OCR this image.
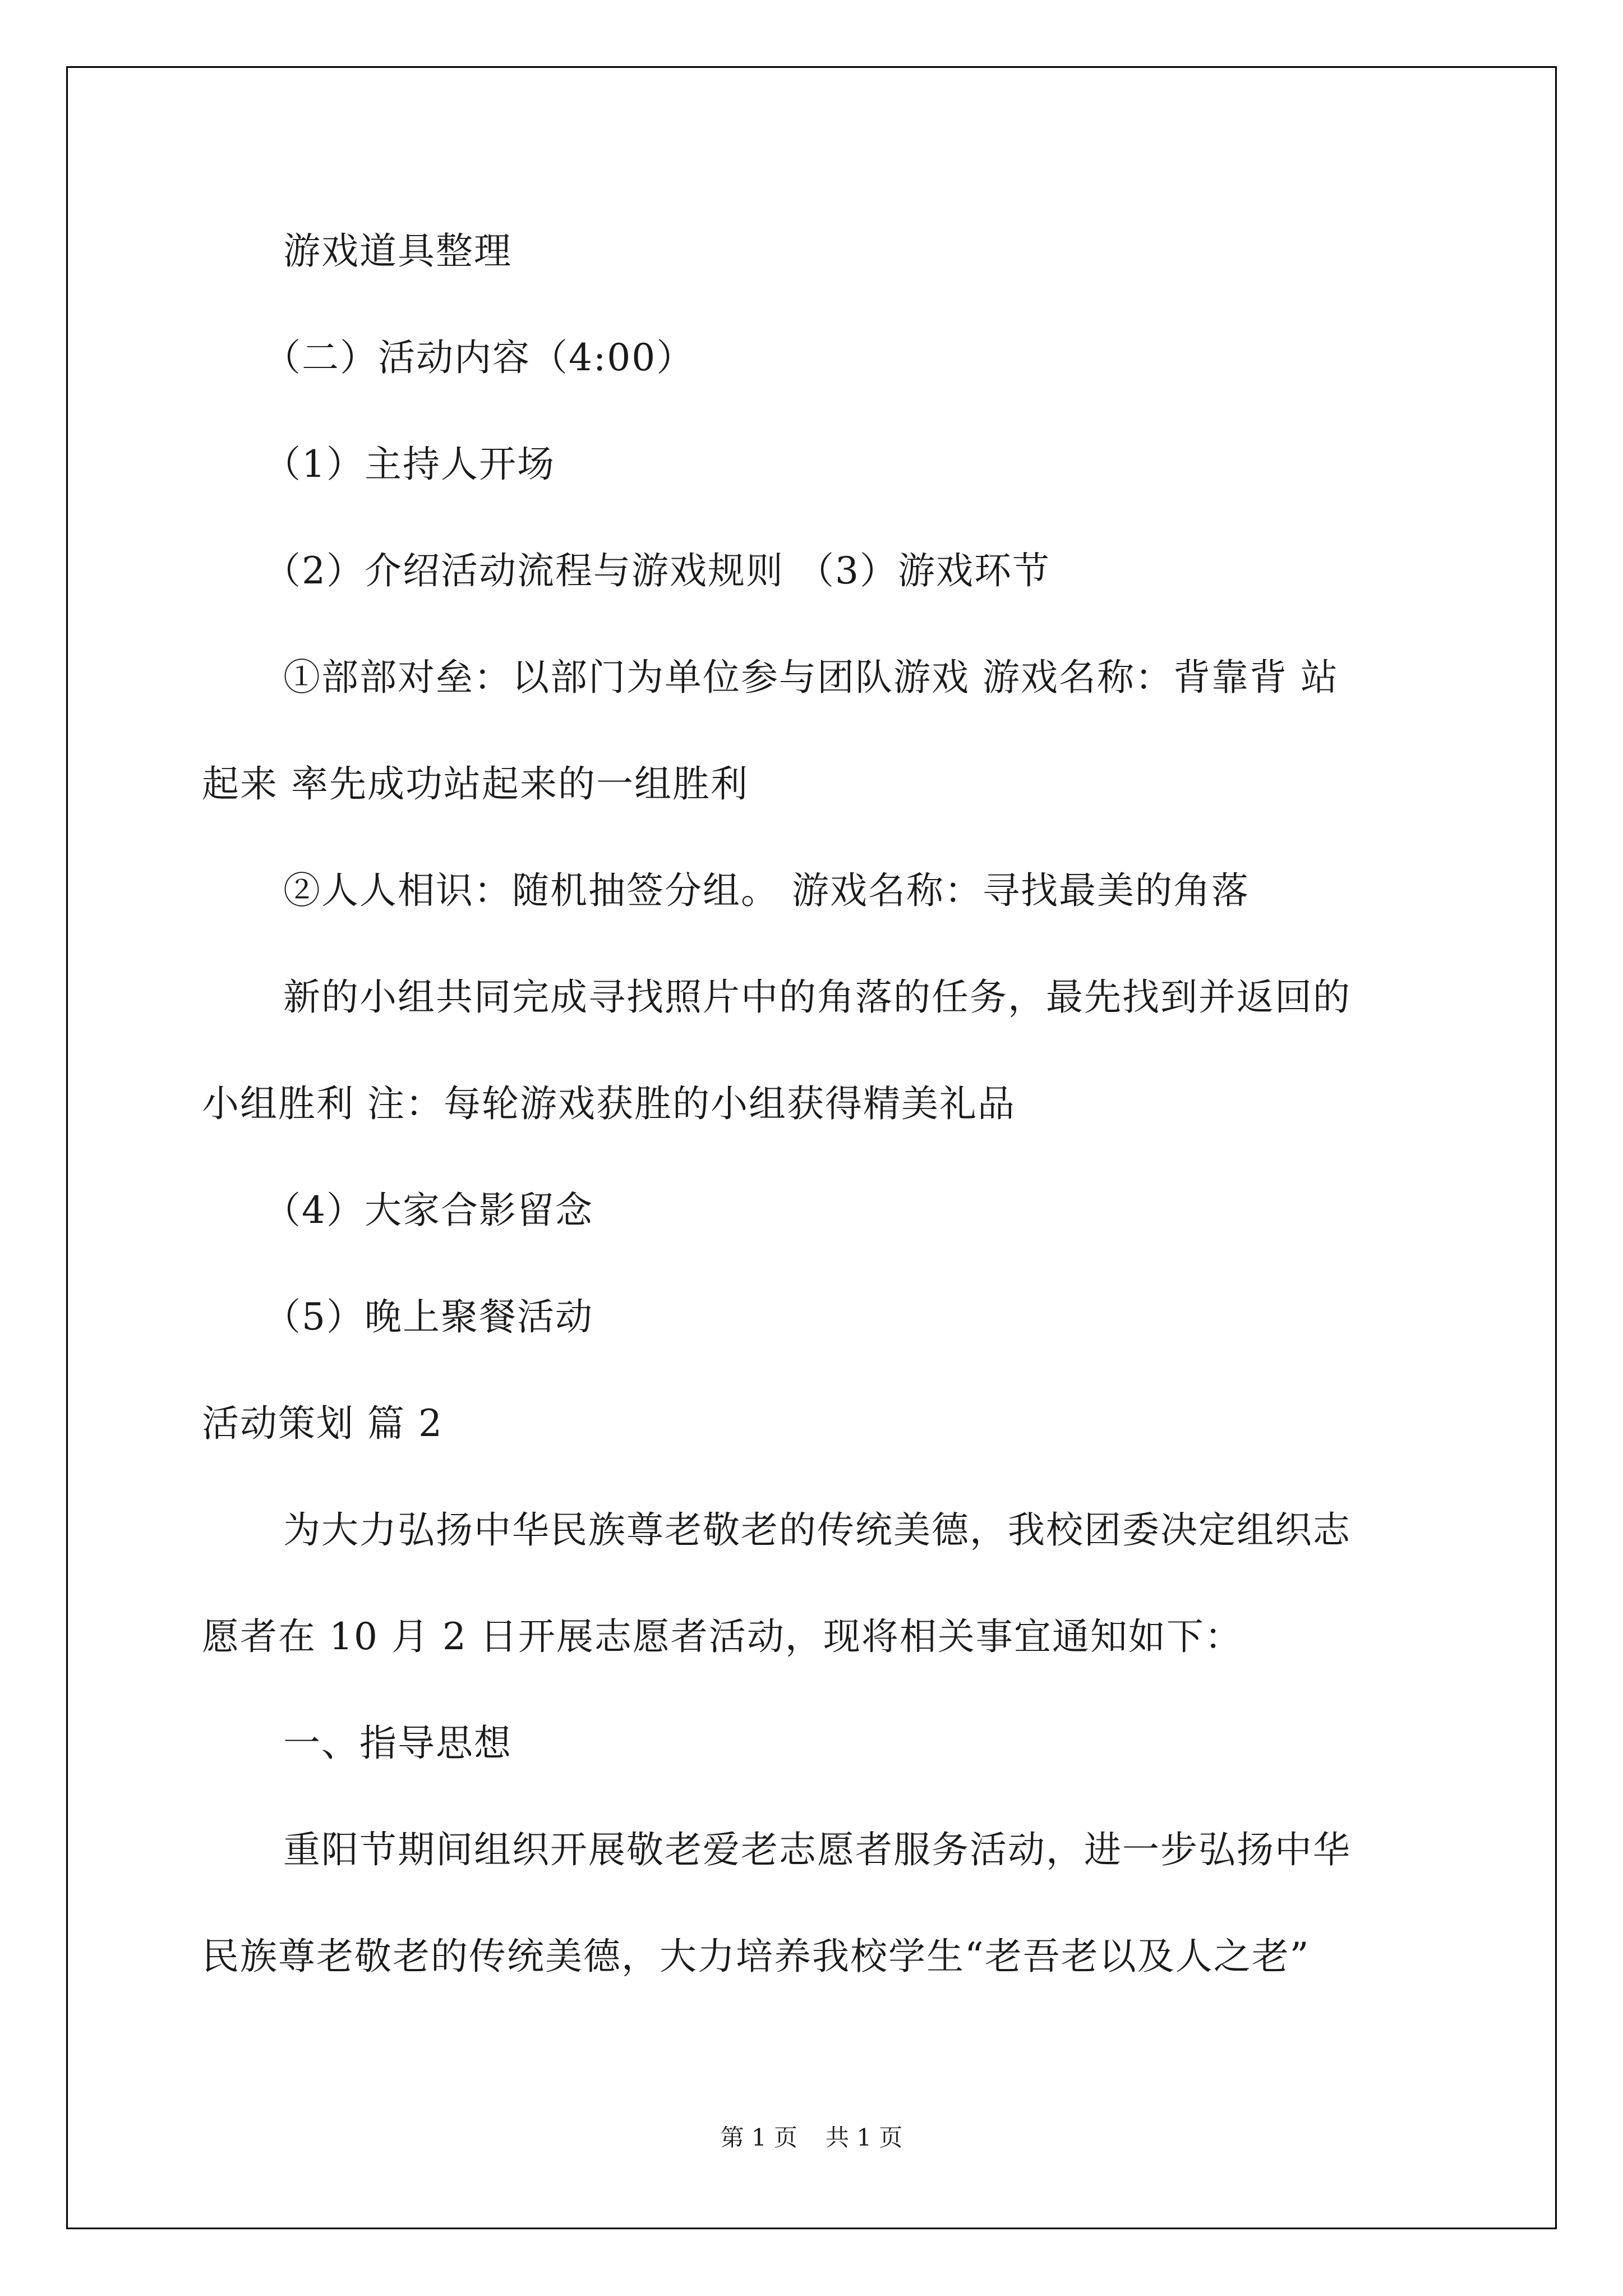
游戏道具整理
（二）活动内容（4:00）
（1）主持人开场
（2）介绍活动流程与游戏规则 （3）游戏环节
①部部对垒：以部门为单位参与团队游戏 游戏名称：背靠背 站
起来 率先成功站起来的一组胜利
②人人相识：随机抽签分组。 游戏名称：寻找最美的角落
新的小组共同完成寻找照片中的角落的任务，最先找到并返回的
小组胜利 注：每轮游戏获胜的小组获得精美礼品
（4）大家合影留念
（5）晚上聚餐活动
活动策划 篇 2
为大力弘扬中华民族尊老敬老的传统美德，我校团委决定组织志
愿者在 10 月 2 日开展志愿者活动，现将相关事宜通知如下：
一、指导思想
重阳节期间组织开展敬老爱老志愿者服务活动，进一步弘扬中华
民族尊老敬老的传统美德，大力培养我校学生“老吾老以及人之老”
第 1 页 共 1 页
